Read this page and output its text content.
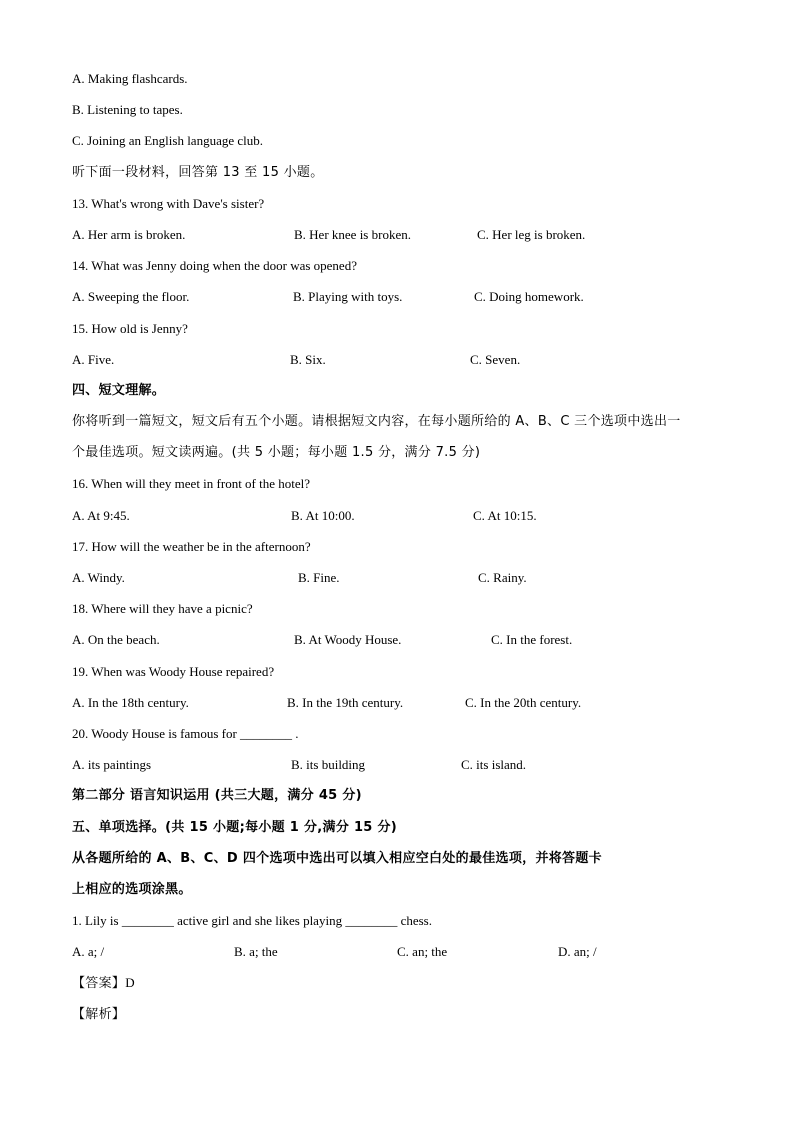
A. Making flashcards.
B. Listening to tapes.
C. Joining an English language club.
听下面一段材料，回答第 13 至 15 小题。
13. What's wrong with Dave's sister?
A. Her arm is broken.	B. Her knee is broken.	C. Her leg is broken.
14. What was Jenny doing when the door was opened?
A. Sweeping the floor.	B. Playing with toys.	C. Doing homework.
15. How old is Jenny?
A. Five.	B. Six.	C. Seven.
四、短文理解。
你将听到一篇短文，短文后有五个小题。请根据短文内容，在每小题所给的 A、B、C 三个选项中选出一
个最佳选项。短文读两遍。(共 5 小题；每小题 1.5 分，满分 7.5 分)
16. When will they meet in front of the hotel?
A. At 9:45.	B. At 10:00.	C. At 10:15.
17. How will the weather be in the afternoon?
A. Windy.	B. Fine.	C. Rainy.
18. Where will they have a picnic?
A. On the beach.	B. At Woody House.	C. In the forest.
19. When was Woody House repaired?
A. In the 18th century.	B. In the 19th century.	C. In the 20th century.
20. Woody House is famous for ________ .
A. its paintings	B. its building	C. its island.
第二部分 语言知识运用 (共三大题，满分 45 分)
五、单项选择。(共 15 小题;每小题 1 分,满分 15 分)
从各题所给的 A、B、C、D 四个选项中选出可以填入相应空白处的最佳选项，并将答题卡
上相应的选项涂黑。
1. Lily is ________ active girl and she likes playing ________ chess.
A. a; /	B. a; the	C. an; the	D. an; /
【答案】D
【解析】
